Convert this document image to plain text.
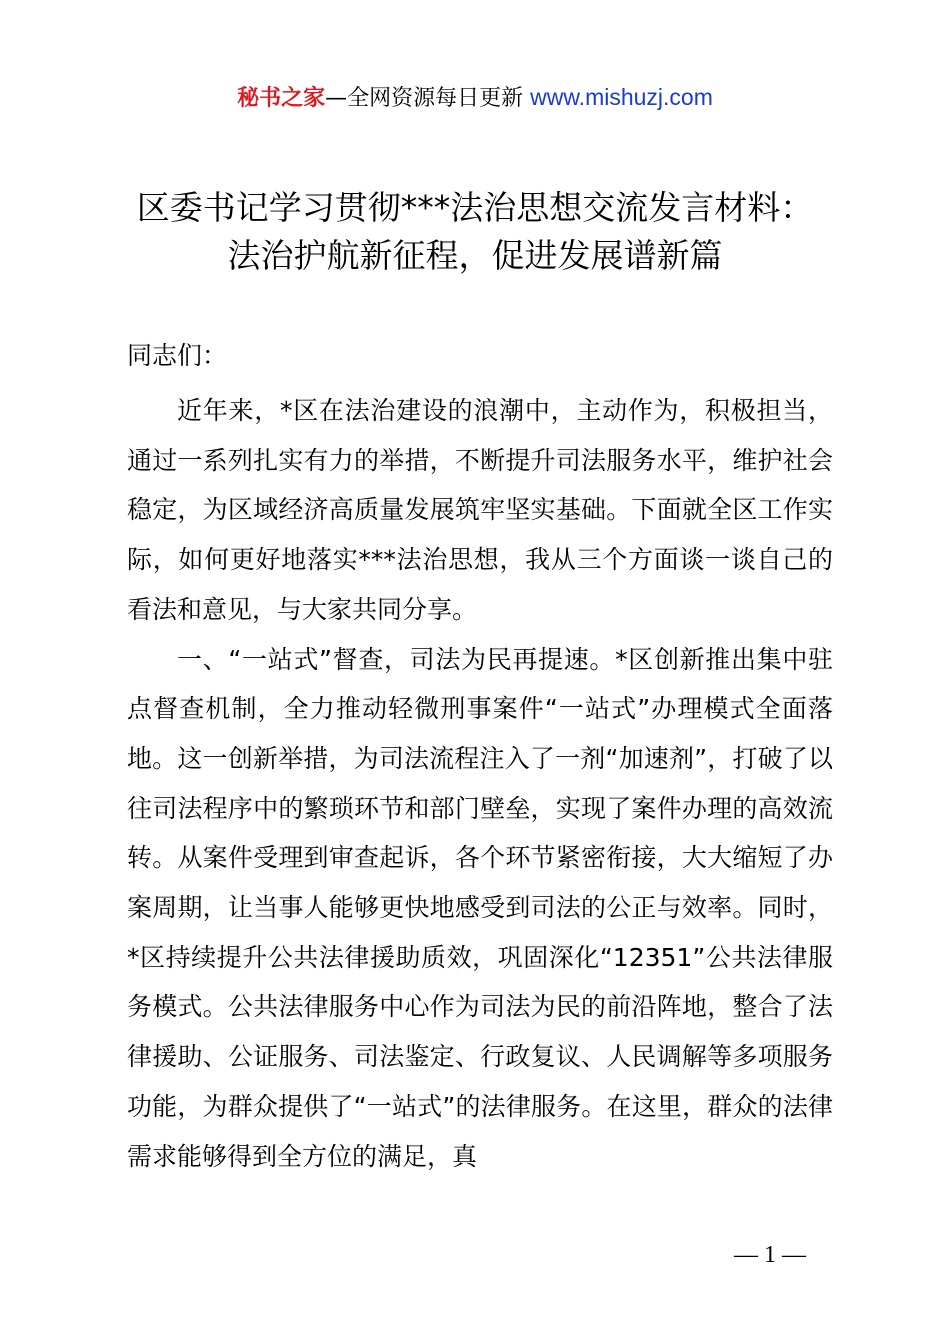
秘书之家—全网资源每日更新 www.mishuzj.com
区委书记学习贯彻***法治思想交流发言材料：
法治护航新征程，促进发展谱新篇
同志们：

近年来，*区在法治建设的浪潮中，主动作为，积极担当，通过一系列扎实有力的举措，不断提升司法服务水平，维护社会稳定，为区域经济高质量发展筑牢坚实基础。下面就全区工作实际，如何更好地落实***法治思想，我从三个方面谈一谈自己的看法和意见，与大家共同分享。

一、“一站式”督查，司法为民再提速。*区创新推出集中驻点督查机制，全力推动轻微刑事案件“一站式”办理模式全面落地。这一创新举措，为司法流程注入了一剂“加速剂”，打破了以往司法程序中的繁琐环节和部门壁垒，实现了案件办理的高效流转。从案件受理到审查起诉，各个环节紧密衔接，大大缩短了办案周期，让当事人能够更快地感受到司法的公正与效率。同时，*区持续提升公共法律援助质效，巩固深化“12351”公共法律服务模式。公共法律服务中心作为司法为民的前沿阵地，整合了法律援助、公证服务、司法鉴定、行政复议、人民调解等多项服务功能，为群众提供了“一站式”的法律服务。在这里，群众的法律需求能够得到全方位的满足，真

— 1 —
